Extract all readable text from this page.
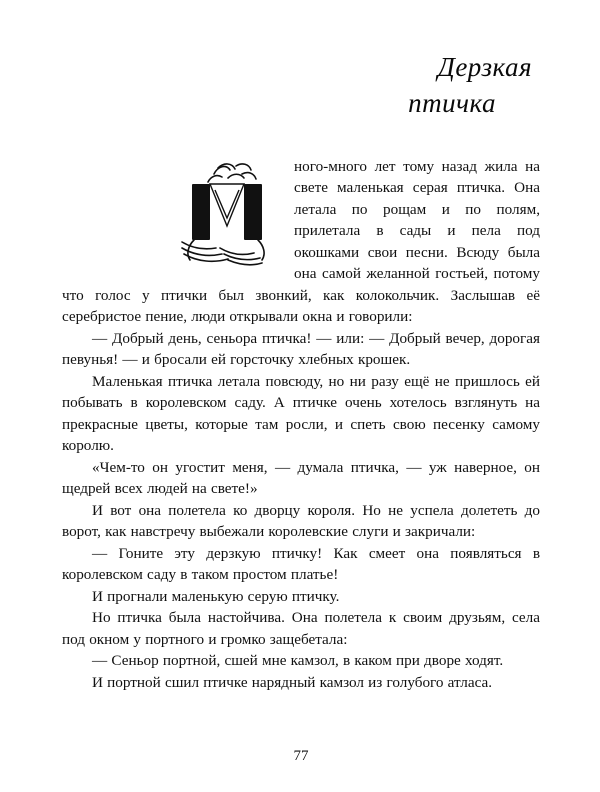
Дерзкая
птичка

ного-много лет тому назад жила на свете маленькая серая птичка. Она летала по рощам и по полям, прилетала в сады и пела под окошками свои песни. Всюду была она самой желанной гостьей, потому что голос у птички был звонкий, как колокольчик. Заслышав её серебристое пение, люди открывали окна и говорили:

— Добрый день, сеньора птичка! — или: — Добрый вечер, дорогая певунья! — и бросали ей горсточку хлебных крошек.

Маленькая птичка летала повсюду, но ни разу ещё не пришлось ей побывать в королевском саду. А птичке очень хотелось взглянуть на прекрасные цветы, которые там росли, и спеть свою песенку самому королю.

«Чем-то он угостит меня, — думала птичка, — уж наверное, он щедрей всех людей на свете!»

И вот она полетела ко дворцу короля. Но не успела долететь до ворот, как навстречу выбежали королевские слуги и закричали:

— Гоните эту дерзкую птичку! Как смеет она появляться в королевском саду в таком простом платье!

И прогнали маленькую серую птичку.

Но птичка была настойчива. Она полетела к своим друзьям, села под окном у портного и громко защебетала:

— Сеньор портной, сшей мне камзол, в каком при дворе ходят.

И портной сшил птичке нарядный камзол из голубого атласа.

77
